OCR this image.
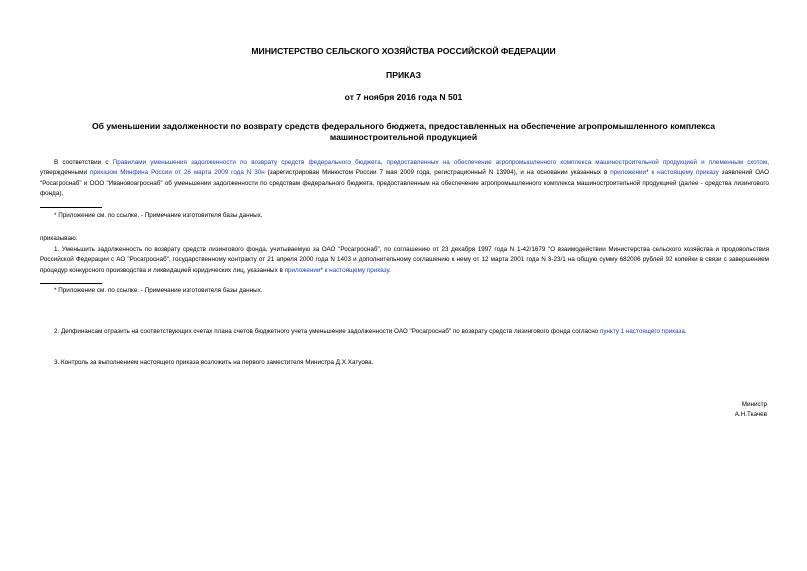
МИНИСТЕРСТВО СЕЛЬСКОГО ХОЗЯЙСТВА РОССИЙСКОЙ ФЕДЕРАЦИИ
ПРИКАЗ
от 7 ноября 2016 года N 501
Об уменьшении задолженности по возврату средств федерального бюджета, предоставленных на обеспечение агропромышленного комплекса машиностроительной продукцией
В соответствии с Правилами уменьшения задолженности по возврату средств федерального бюджета, предоставленных на обеспечение агропромышленного комплекса машиностроительной продукцией и племенным скотом, утвержденными приказом Минфина России от 26 марта 2009 года N 30н (зарегистрирован Минюстом России 7 мая 2009 года, регистрационный N 13904), и на основании указанных в приложении* к настоящему приказу заявлений ОАО "Росагроснаб" и ООО "Ивановоагроснаб" об уменьшении задолженности по средствам федерального бюджета, предоставленным на обеспечение агропромышленного комплекса машиностроительной продукцией (далее - средства лизингового фонда),
* Приложение см. по ссылке. - Примечание изготовителя базы данных.
приказываю:
1. Уменьшить задолженность по возврату средств лизингового фонда, учитываемую за ОАО "Росагроснаб", по соглашению от 23 декабря 1997 года N 1-42/1679 "О взаимодействии Министерства сельского хозяйства и продовольствия Российской Федерации с АО "Росагроснаб", государственному контракту от 21 апреля 2000 года N 1403 и дополнительному соглашению к нему от 12 марта 2001 года N 3-23/1 на общую сумму 682006 рублей 92 копейки в связи с завершением процедур конкурсного производства и ликвидацией юридических лиц, указанных в приложении* к настоящему приказу.
* Приложение см. по ссылке. - Примечание изготовителя базы данных.
2. Депфинансам отразить на соответствующих счетах плана счетов бюджетного учета уменьшение задолженности ОАО "Росагроснаб" по возврату средств лизингового фонда согласно пункту 1 настоящего приказа.
3. Контроль за выполнением настоящего приказа возложить на первого заместителя Министра Д.Х.Хатуова.
Министр
А.Н.Ткачев
